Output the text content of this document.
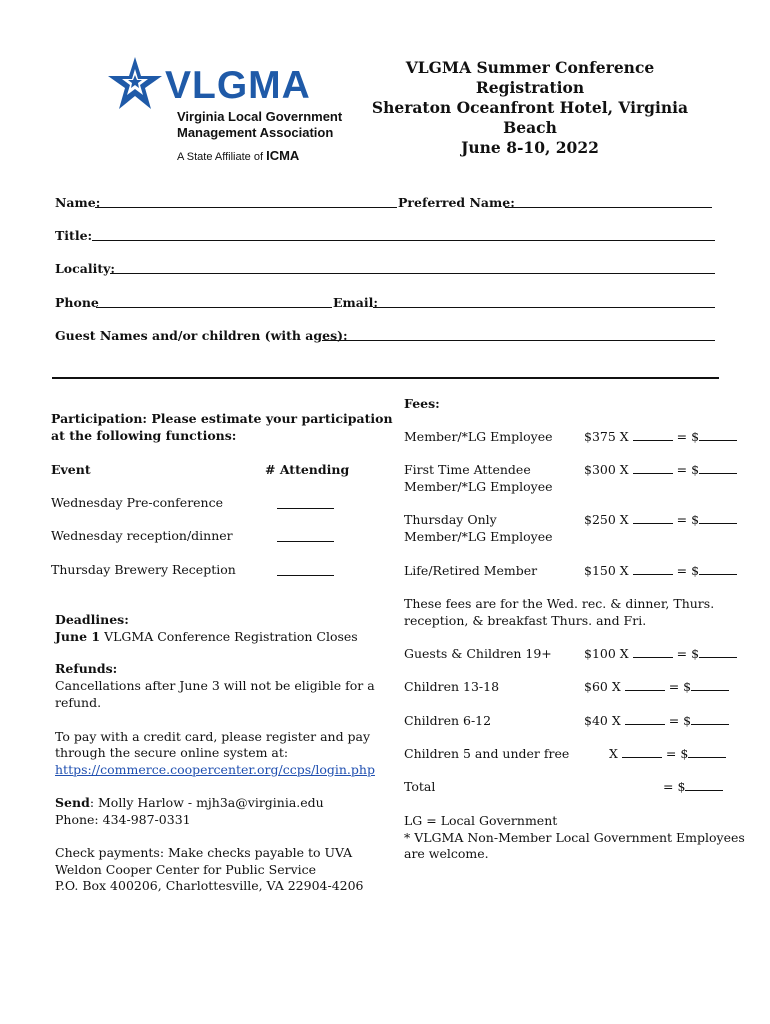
VLGMA
Virginia Local Government
Management Association
A State Affiliate of ICMA
VLGMA Summer Conference Registration
Sheraton Oceanfront Hotel, Virginia Beach
June 8-10, 2022
Name:	Preferred Name:
Title:
Locality:
Phone	Email:
Guest Names and/or children (with ages):
Participation: Please estimate your participation
at the following functions:
Event	# Attending
Wednesday Pre-conference
Wednesday reception/dinner
Thursday Brewery Reception
Deadlines:
June 1 VLGMA Conference Registration Closes
Refunds:
Cancellations after June 3 will not be eligible for a
refund.
To pay with a credit card, please register and pay
through the secure online system at:
https://commerce.coopercenter.org/ccps/login.php
Send: Molly Harlow - mjh3a@virginia.edu
Phone: 434-987-0331
Check payments: Make checks payable to UVA
Weldon Cooper Center for Public Service
P.O. Box 400206, Charlottesville, VA 22904-4206
Fees:
Member/*LG Employee	$375 X	= $
First Time Attendee
Member/*LG Employee
$300 X	= $
Thursday Only
Member/*LG Employee
$250 X	= $
Life/Retired Member	$150 X	= $
These fees are for the Wed. rec. & dinner, Thurs.
reception, & breakfast Thurs. and Fri.
Guests & Children 19+	$100 X	= $
Children 13-18	$60 X	= $
Children 6-12	$40 X	= $
Children 5 and under free	X	= $
Total	= $
LG = Local Government
* VLGMA Non-Member Local Government Employees
are welcome.
